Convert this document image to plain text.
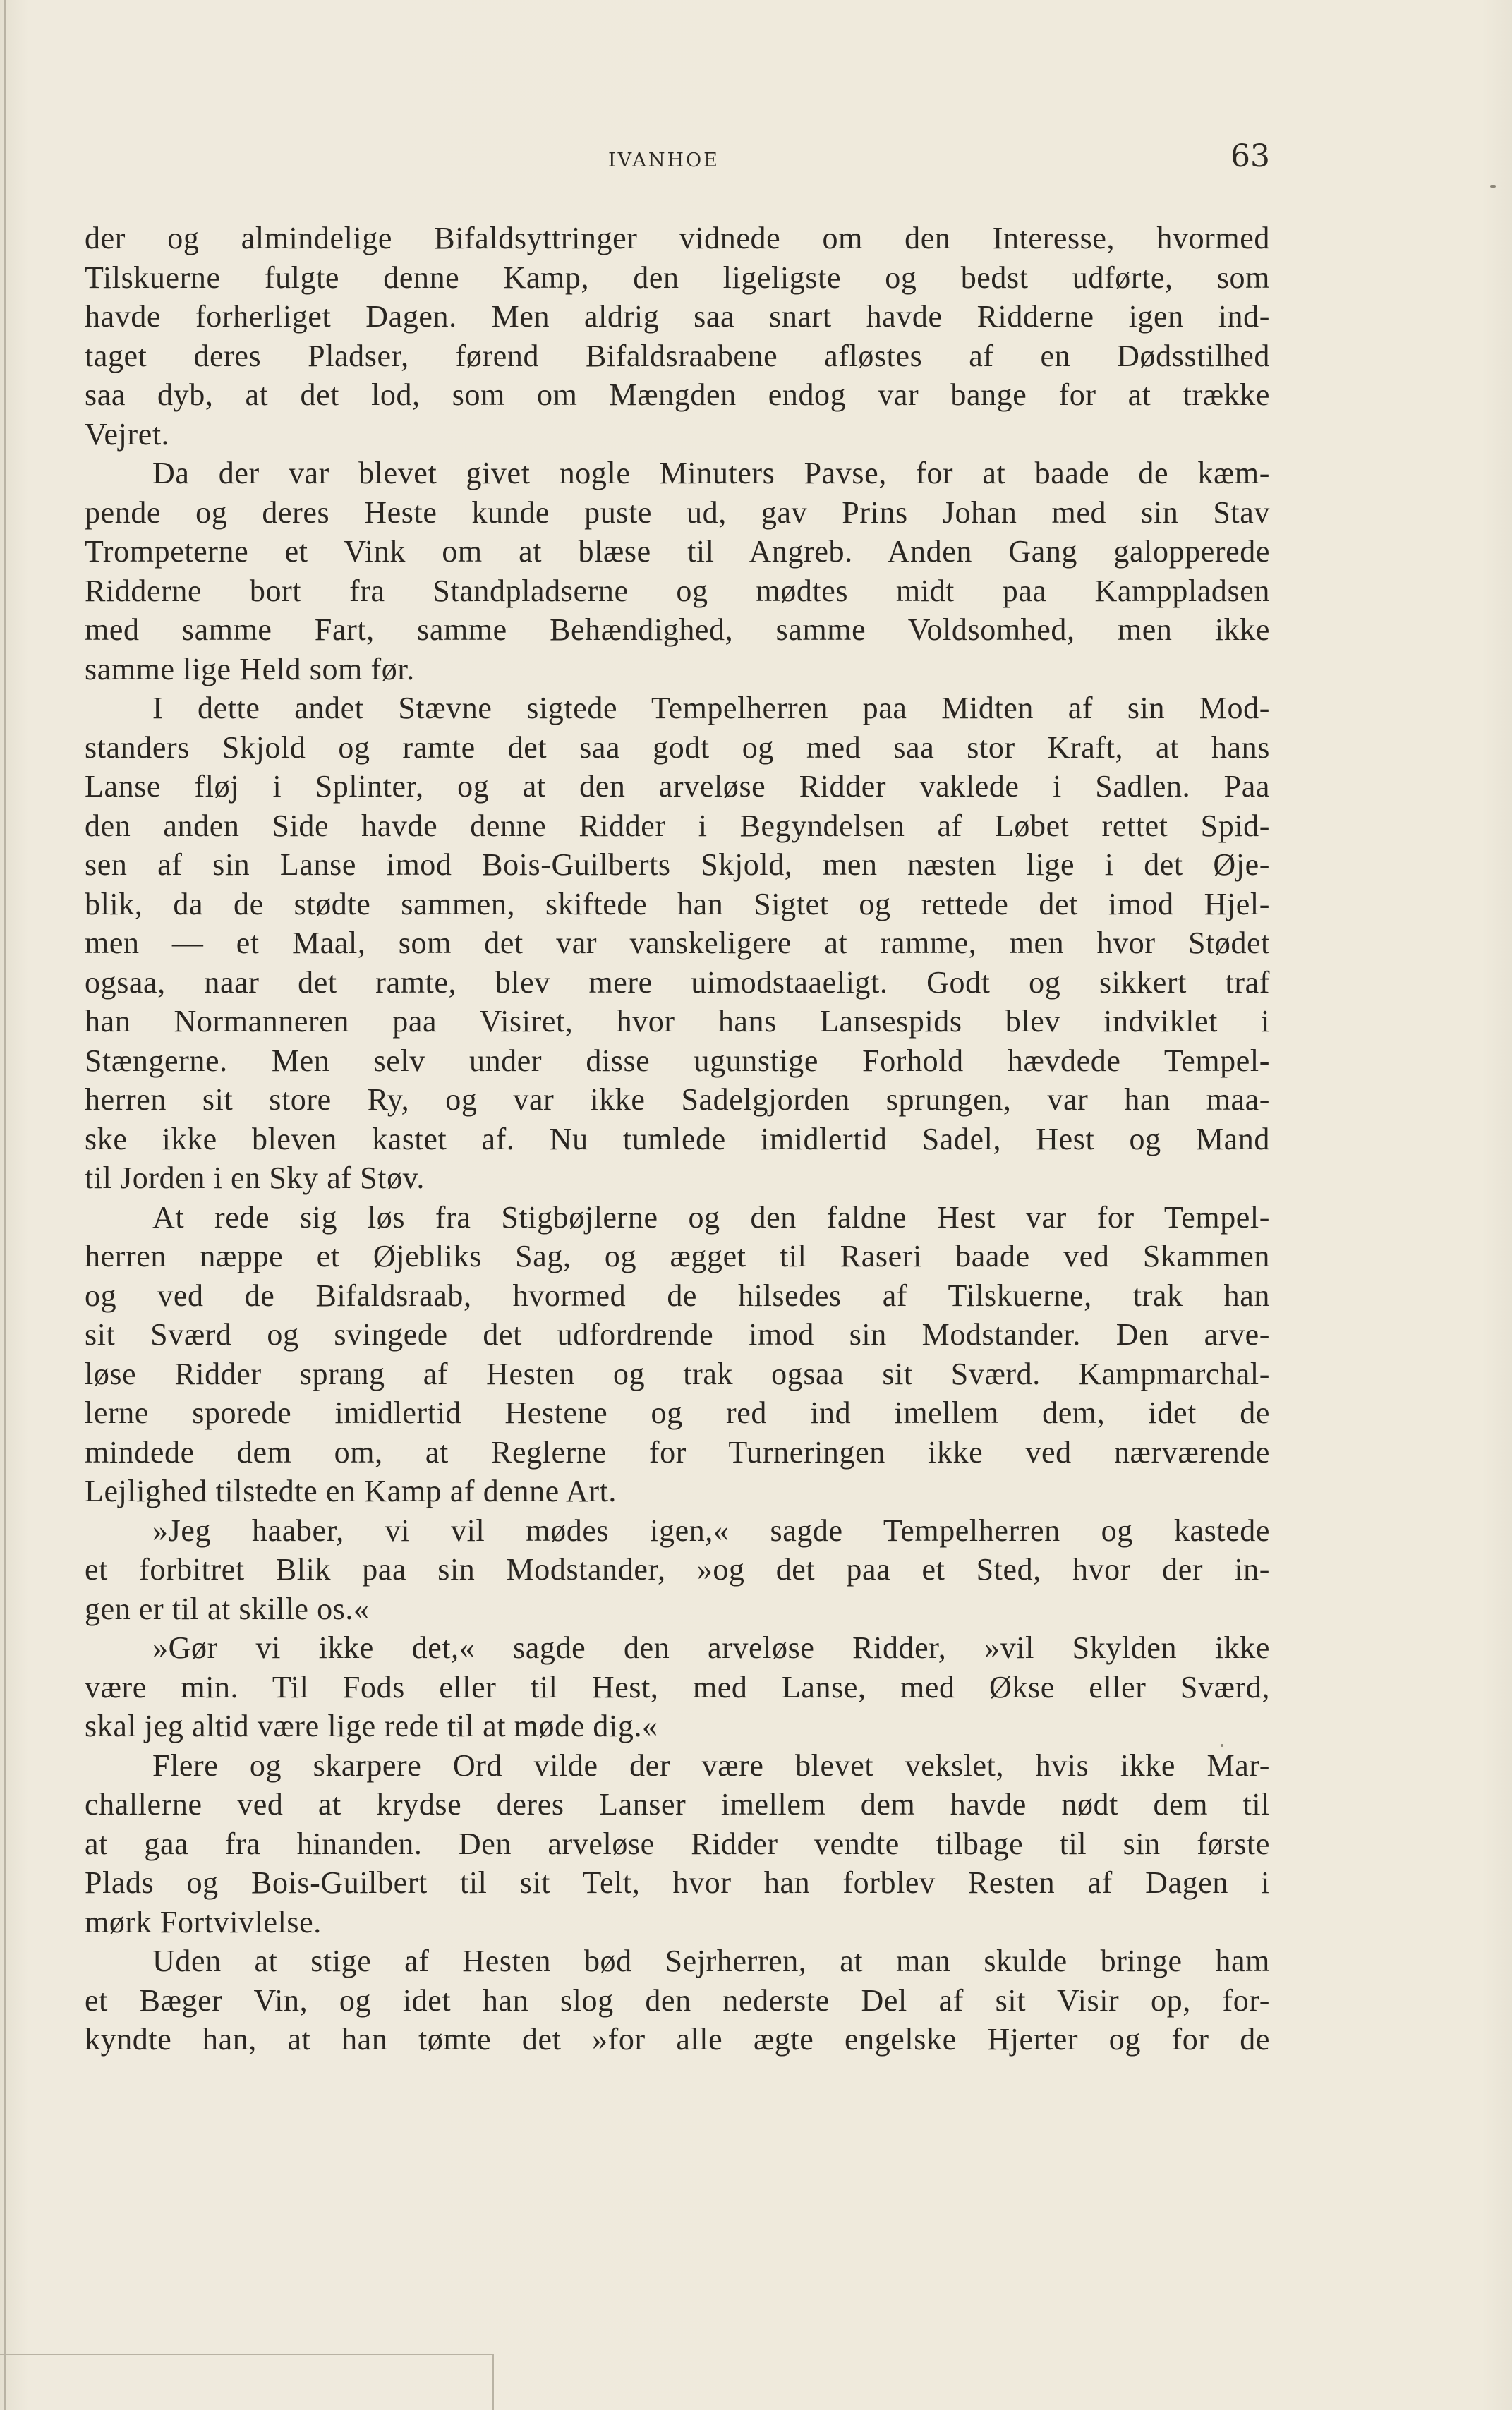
IVANHOE	63

der og almindelige Bifaldsyttringer vidnede om den Interesse, hvormed

Tilskuerne fulgte denne Kamp, den ligeligste og bedst udførte, som

havde forherliget Dagen. Men aldrig saa snart havde Ridderne igen ind-

taget deres Pladser, førend Bifaldsraabene afløstes af en Dødsstilhed

saa dyb, at det lod, som om Mængden endog var bange for at trække

Vejret.

Da der var blevet givet nogle Minuters Pavse, for at baade de kæm-

pende og deres Heste kunde puste ud, gav Prins Johan med sin Stav

Trompeterne et Vink om at blæse til Angreb. Anden Gang galopperede

Ridderne bort fra Standpladserne og mødtes midt paa Kamppladsen

med samme Fart, samme Behændighed, samme Voldsomhed, men ikke

samme lige Held som før.

I dette andet Stævne sigtede Tempelherren paa Midten af sin Mod-

standers Skjold og ramte det saa godt og med saa stor Kraft, at hans

Lanse fløj i Splinter, og at den arveløse Ridder vaklede i Sadlen. Paa

den anden Side havde denne Ridder i Begyndelsen af Løbet rettet Spid-

sen af sin Lanse imod Bois-Guilberts Skjold, men næsten lige i det Øje-

blik, da de stødte sammen, skiftede han Sigtet og rettede det imod Hjel-

men — et Maal, som det var vanskeligere at ramme, men hvor Stødet

ogsaa, naar det ramte, blev mere uimodstaaeligt. Godt og sikkert traf

han Normanneren paa Visiret, hvor hans Lansespids blev indviklet i

Stængerne. Men selv under disse ugunstige Forhold hævdede Tempel-

herren sit store Ry, og var ikke Sadelgjorden sprungen, var han maa-

ske ikke bleven kastet af. Nu tumlede imidlertid Sadel, Hest og Mand

til Jorden i en Sky af Støv.

At rede sig løs fra Stigbøjlerne og den faldne Hest var for Tempel-

herren næppe et Øjebliks Sag, og ægget til Raseri baade ved Skammen

og ved de Bifaldsraab, hvormed de hilsedes af Tilskuerne, trak han

sit Sværd og svingede det udfordrende imod sin Modstander. Den arve-

løse Ridder sprang af Hesten og trak ogsaa sit Sværd. Kampmarchal-

lerne sporede imidlertid Hestene og red ind imellem dem, idet de

mindede dem om, at Reglerne for Turneringen ikke ved nærværende

Lejlighed tilstedte en Kamp af denne Art.

»Jeg haaber, vi vil mødes igen,« sagde Tempelherren og kastede

et forbitret Blik paa sin Modstander, »og det paa et Sted, hvor der in-

gen er til at skille os.«

»Gør vi ikke det,« sagde den arveløse Ridder, »vil Skylden ikke

være min. Til Fods eller til Hest, med Lanse, med Økse eller Sværd,

skal jeg altid være lige rede til at møde dig.«

Flere og skarpere Ord vilde der være blevet vekslet, hvis ikke Mar-

challerne ved at krydse deres Lanser imellem dem havde nødt dem til

at gaa fra hinanden. Den arveløse Ridder vendte tilbage til sin første

Plads og Bois-Guilbert til sit Telt, hvor han forblev Resten af Dagen i

mørk Fortvivlelse.

Uden at stige af Hesten bød Sejrherren, at man skulde bringe ham

et Bæger Vin, og idet han slog den nederste Del af sit Visir op, for-

kyndte han, at han tømte det »for alle ægte engelske Hjerter og for de
